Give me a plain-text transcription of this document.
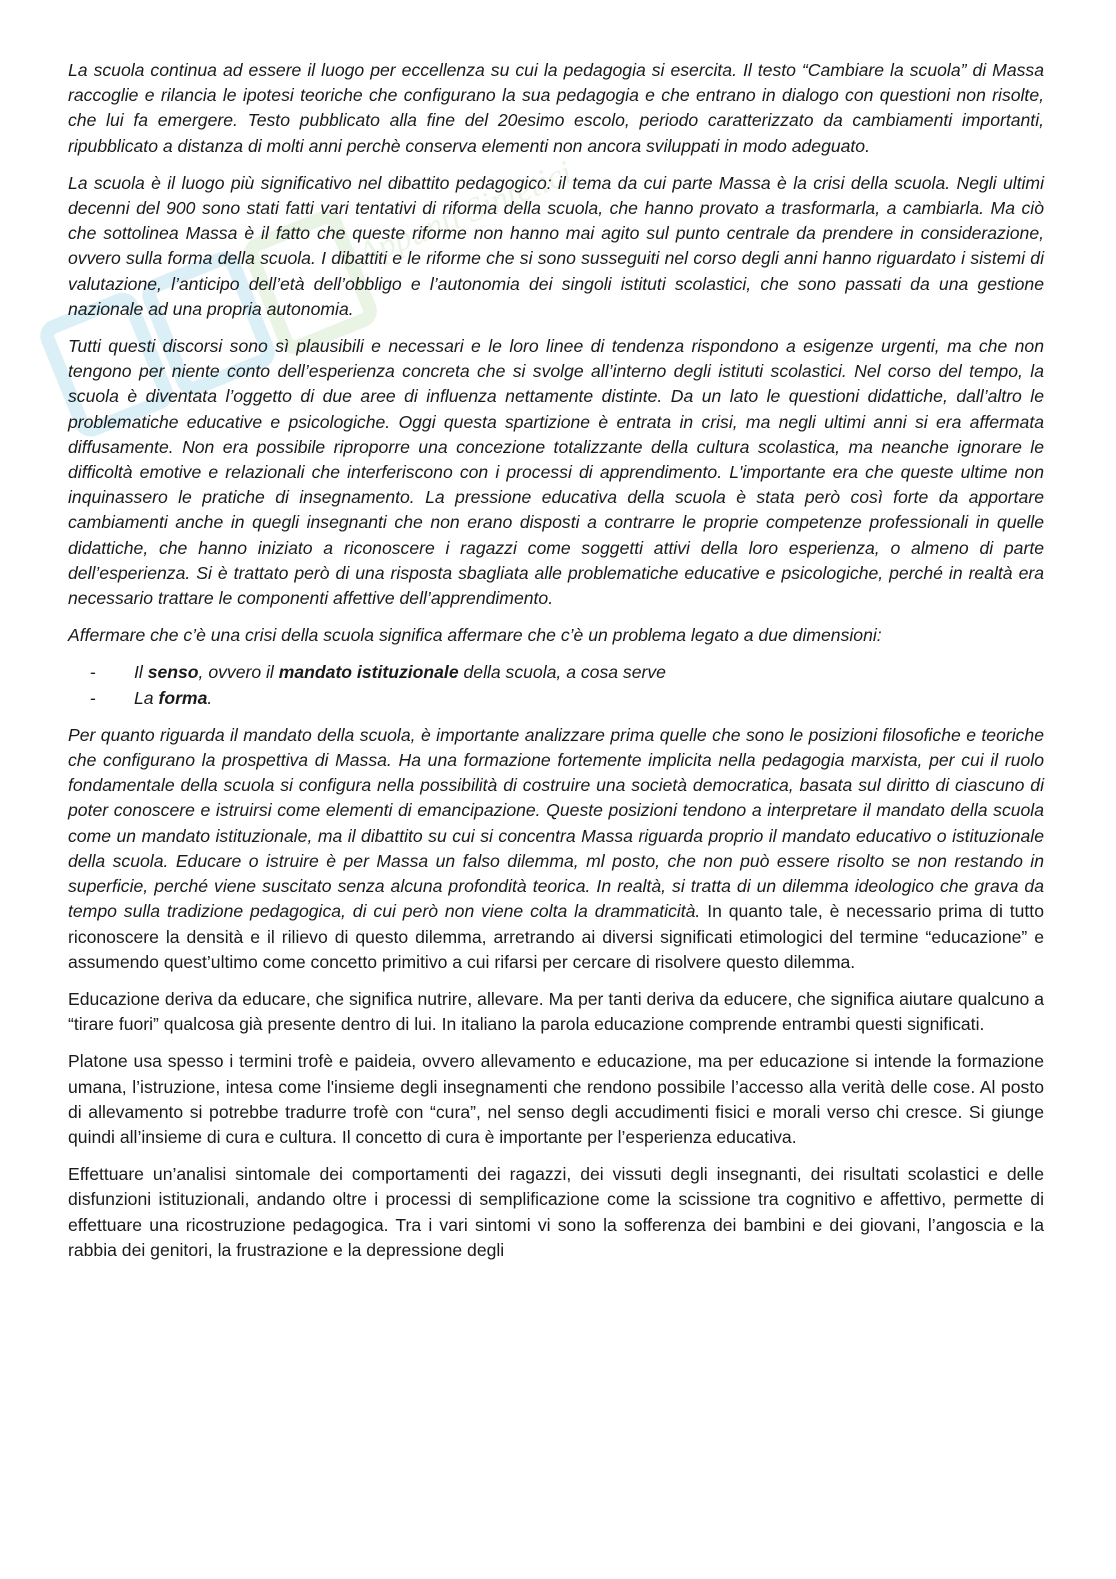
Appunti Sintetici

La scuola continua ad essere il luogo per eccellenza su cui la pedagogia si esercita. Il testo “Cambiare la scuola” di Massa raccoglie e rilancia le ipotesi teoriche che configurano la sua pedagogia e che entrano in dialogo con questioni non risolte, che lui fa emergere. Testo pubblicato alla fine del 20esimo escolo, periodo caratterizzato da cambiamenti importanti, ripubblicato a distanza di molti anni perchè conserva elementi non ancora sviluppati in modo adeguato.

La scuola è il luogo più significativo nel dibattito pedagogico: il tema da cui parte Massa è la crisi della scuola. Negli ultimi decenni del 900 sono stati fatti vari tentativi di riforma della scuola, che hanno provato a trasformarla, a cambiarla. Ma ciò che sottolinea Massa è il fatto che queste riforme non hanno mai agito sul punto centrale da prendere in considerazione, ovvero sulla forma della scuola. I dibattiti e le riforme che si sono susseguiti nel corso degli anni hanno riguardato i sistemi di valutazione, l’anticipo dell’età dell’obbligo e l’autonomia dei singoli istituti scolastici, che sono passati da una gestione nazionale ad una propria autonomia.

Tutti questi discorsi sono sì plausibili e necessari e le loro linee di tendenza rispondono a esigenze urgenti, ma che non tengono per niente conto dell’esperienza concreta che si svolge all’interno degli istituti scolastici. Nel corso del tempo, la scuola è diventata l’oggetto di due aree di influenza nettamente distinte. Da un lato le questioni didattiche, dall’altro le problematiche educative e psicologiche. Oggi questa spartizione è entrata in crisi, ma negli ultimi anni si era affermata diffusamente. Non era possibile riproporre una concezione totalizzante della cultura scolastica, ma neanche ignorare le difficoltà emotive e relazionali che interferiscono con i processi di apprendimento. L'importante era che queste ultime non inquinassero le pratiche di insegnamento. La pressione educativa della scuola è stata però così forte da apportare cambiamenti anche in quegli insegnanti che non erano disposti a contrarre le proprie competenze professionali in quelle didattiche, che hanno iniziato a riconoscere i ragazzi come soggetti attivi della loro esperienza, o almeno di parte dell’esperienza. Si è trattato però di una risposta sbagliata alle problematiche educative e psicologiche, perché in realtà era necessario trattare le componenti affettive dell’apprendimento.

Affermare che c’è una crisi della scuola significa affermare che c’è un problema legato a due dimensioni:

- Il senso, ovvero il mandato istituzionale della scuola, a cosa serve
- La forma.

Per quanto riguarda il mandato della scuola, è importante analizzare prima quelle che sono le posizioni filosofiche e teoriche che configurano la prospettiva di Massa. Ha una formazione fortemente implicita nella pedagogia marxista, per cui il ruolo fondamentale della scuola si configura nella possibilità di costruire una società democratica, basata sul diritto di ciascuno di poter conoscere e istruirsi come elementi di emancipazione. Queste posizioni tendono a interpretare il mandato della scuola come un mandato istituzionale, ma il dibattito su cui si concentra Massa riguarda proprio il mandato educativo o istituzionale della scuola. Educare o istruire è per Massa un falso dilemma, ml posto, che non può essere risolto se non restando in superficie, perché viene suscitato senza alcuna profondità teorica. In realtà, si tratta di un dilemma ideologico che grava da tempo sulla tradizione pedagogica, di cui però non viene colta la drammaticità. In quanto tale, è necessario prima di tutto riconoscere la densità e il rilievo di questo dilemma, arretrando ai diversi significati etimologici del termine “educazione” e assumendo quest’ultimo come concetto primitivo a cui rifarsi per cercare di risolvere questo dilemma.

Educazione deriva da educare, che significa nutrire, allevare. Ma per tanti deriva da educere, che significa aiutare qualcuno a “tirare fuori” qualcosa già presente dentro di lui. In italiano la parola educazione comprende entrambi questi significati.

Platone usa spesso i termini trofè e paideia, ovvero allevamento e educazione, ma per educazione si intende la formazione umana, l’istruzione, intesa come l'insieme degli insegnamenti che rendono possibile l’accesso alla verità delle cose. Al posto di allevamento si potrebbe tradurre trofè con “cura”, nel senso degli accudimenti fisici e morali verso chi cresce. Si giunge quindi all’insieme di cura e cultura. Il concetto di cura è importante per l’esperienza educativa.

Effettuare un’analisi sintomale dei comportamenti dei ragazzi, dei vissuti degli insegnanti, dei risultati scolastici e delle disfunzioni istituzionali, andando oltre i processi di semplificazione come la scissione tra cognitivo e affettivo, permette di effettuare una ricostruzione pedagogica. Tra i vari sintomi vi sono la sofferenza dei bambini e dei giovani, l’angoscia e la rabbia dei genitori, la frustrazione e la depressione degli
